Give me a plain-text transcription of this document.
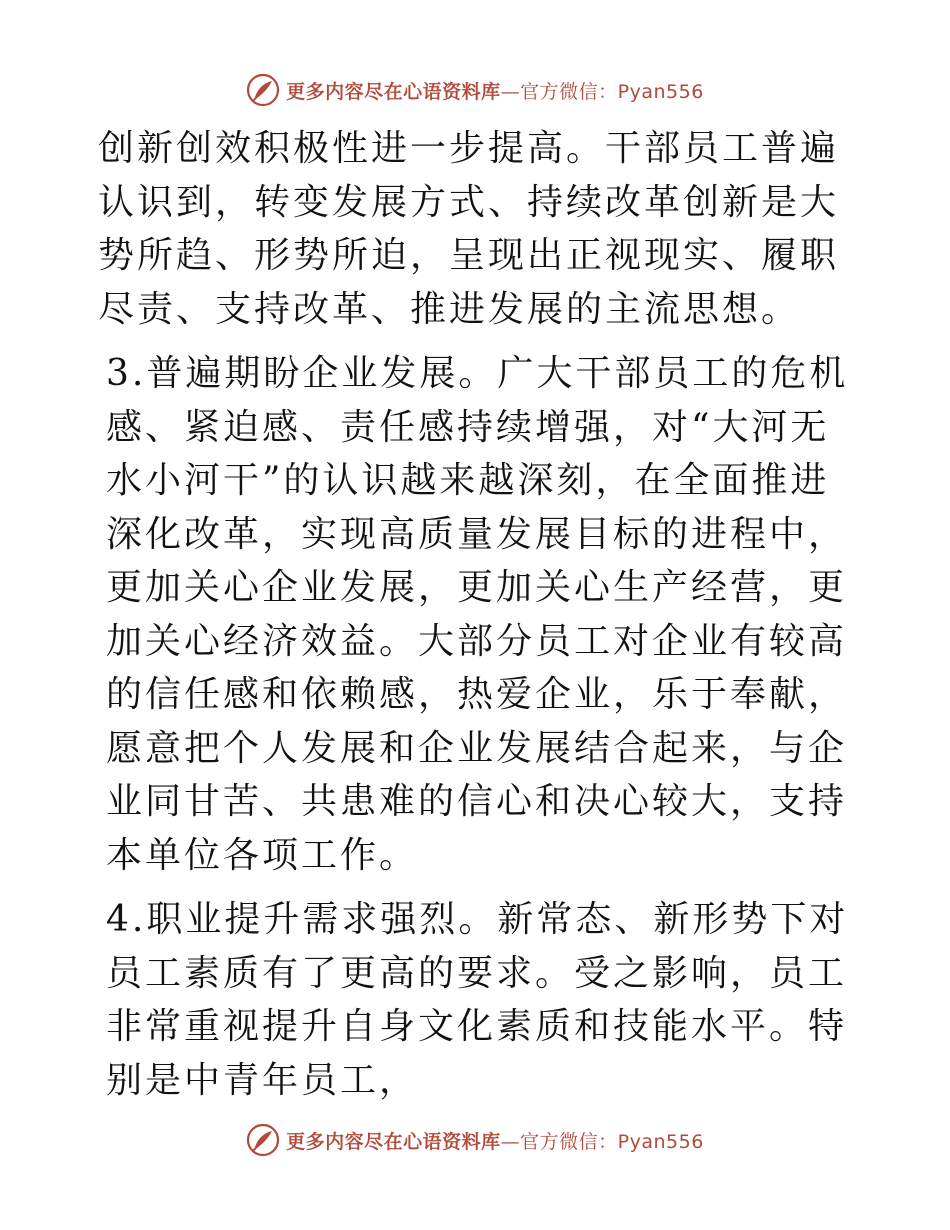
更多内容尽在心语资料库—官方微信：Pyan556

创新创效积极性进一步提高。干部员工普遍认识到，转变发展方式、持续改革创新是大势所趋、形势所迫，呈现出正视现实、履职尽责、支持改革、推进发展的主流思想。

3.普遍期盼企业发展。广大干部员工的危机感、紧迫感、责任感持续增强，对“大河无水小河干”的认识越来越深刻，在全面推进深化改革，实现高质量发展目标的进程中，更加关心企业发展，更加关心生产经营，更加关心经济效益。大部分员工对企业有较高的信任感和依赖感，热爱企业，乐于奉献，愿意把个人发展和企业发展结合起来，与企业同甘苦、共患难的信心和决心较大，支持本单位各项工作。

4.职业提升需求强烈。新常态、新形势下对员工素质有了更高的要求。受之影响，员工非常重视提升自身文化素质和技能水平。特别是中青年员工，

更多内容尽在心语资料库—官方微信：Pyan556
